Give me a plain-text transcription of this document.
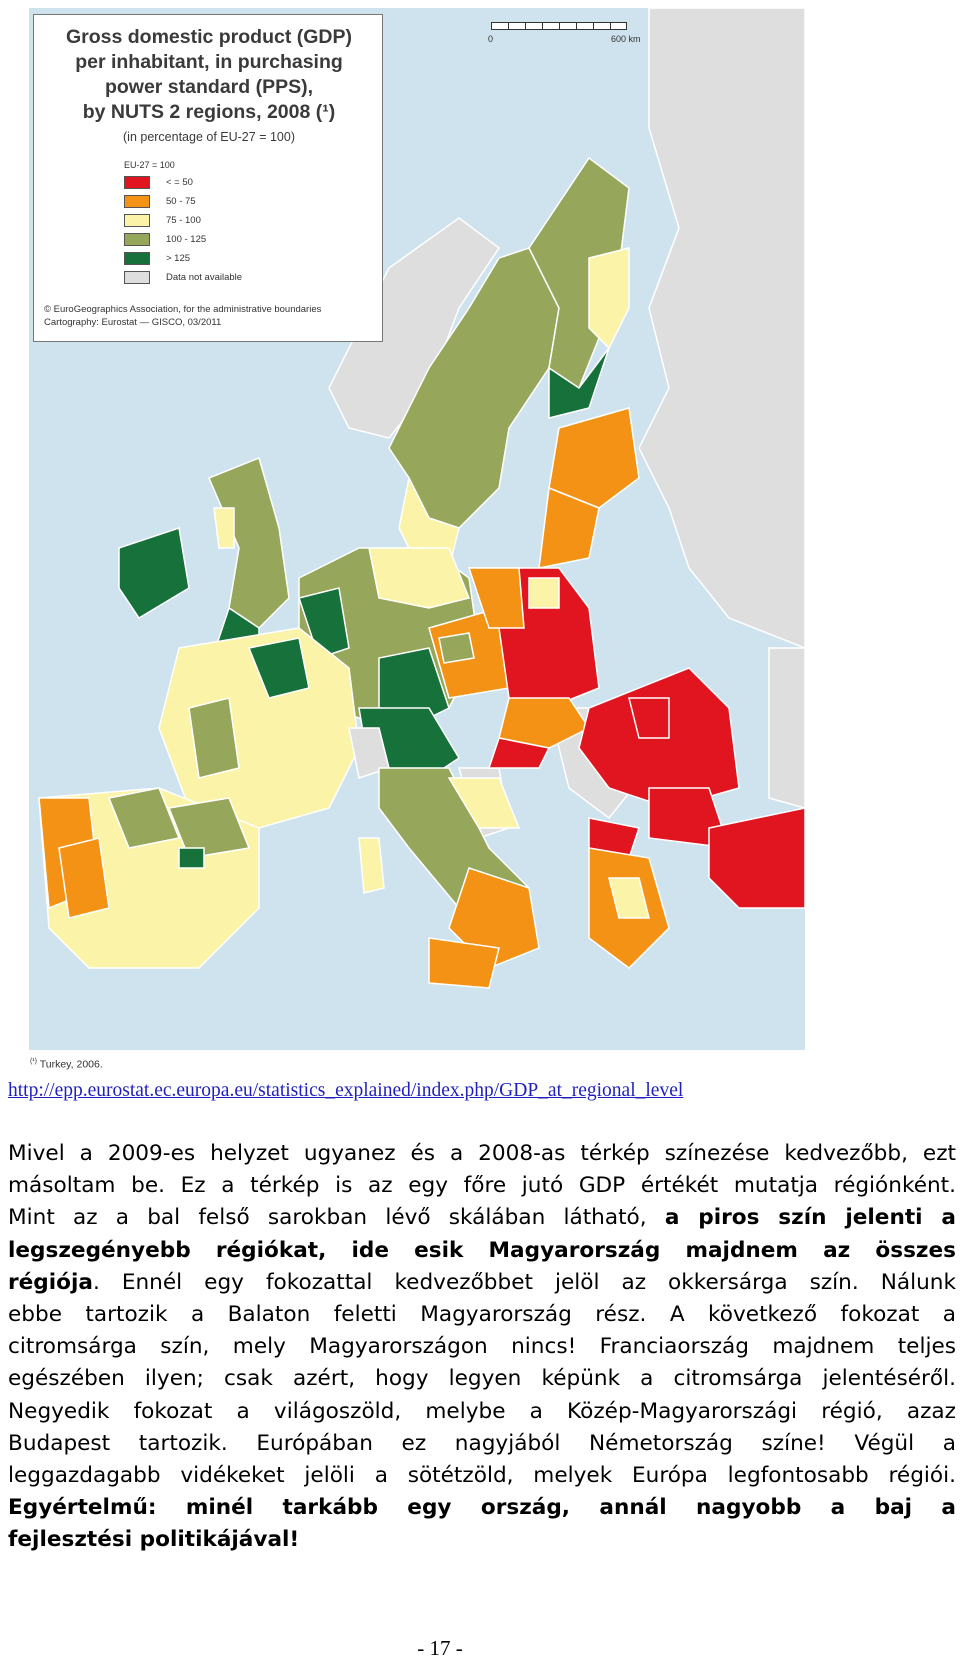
Gross domestic product (GDP)
per inhabitant, in purchasing
power standard (PPS),
by NUTS 2 regions, 2008 (¹)
(in percentage of EU-27 = 100)
EU-27 = 100
< = 50
50 - 75
75 - 100
100 - 125
> 125
Data not available
© EuroGeographics Association, for the administrative boundaries
Cartography: Eurostat — GISCO, 03/2011
0	600 km
$^{(^1)}$ Turkey, 2006.
http://epp.eurostat.ec.europa.eu/statistics_explained/index.php/GDP_at_regional_level
Mivel a 2009-es helyzet ugyanez és a 2008-as térkép színezése kedvezőbb, ezt
másoltam be. Ez a térkép is az egy főre jutó GDP értékét mutatja régiónként.
Mint az a bal felső sarokban lévő skálában látható, a piros szín jelenti a
legszegényebb régiókat, ide esik Magyarország majdnem az összes
régiója. Ennél egy fokozattal kedvezőbbet jelöl az okkersárga szín. Nálunk
ebbe tartozik a Balaton feletti Magyarország rész. A következő fokozat a
citromsárga szín, mely Magyarországon nincs! Franciaország majdnem teljes
egészében ilyen; csak azért, hogy legyen képünk a citromsárga jelentéséről.
Negyedik fokozat a világoszöld, melybe a Közép-Magyarországi régió, azaz
Budapest tartozik. Európában ez nagyjából Németország színe! Végül a
leggazdagabb vidékeket jelöli a sötétzöld, melyek Európa legfontosabb régiói.
Egyértelmű: minél tarkább egy ország, annál nagyobb a baj a
fejlesztési politikájával!
- 17 -
